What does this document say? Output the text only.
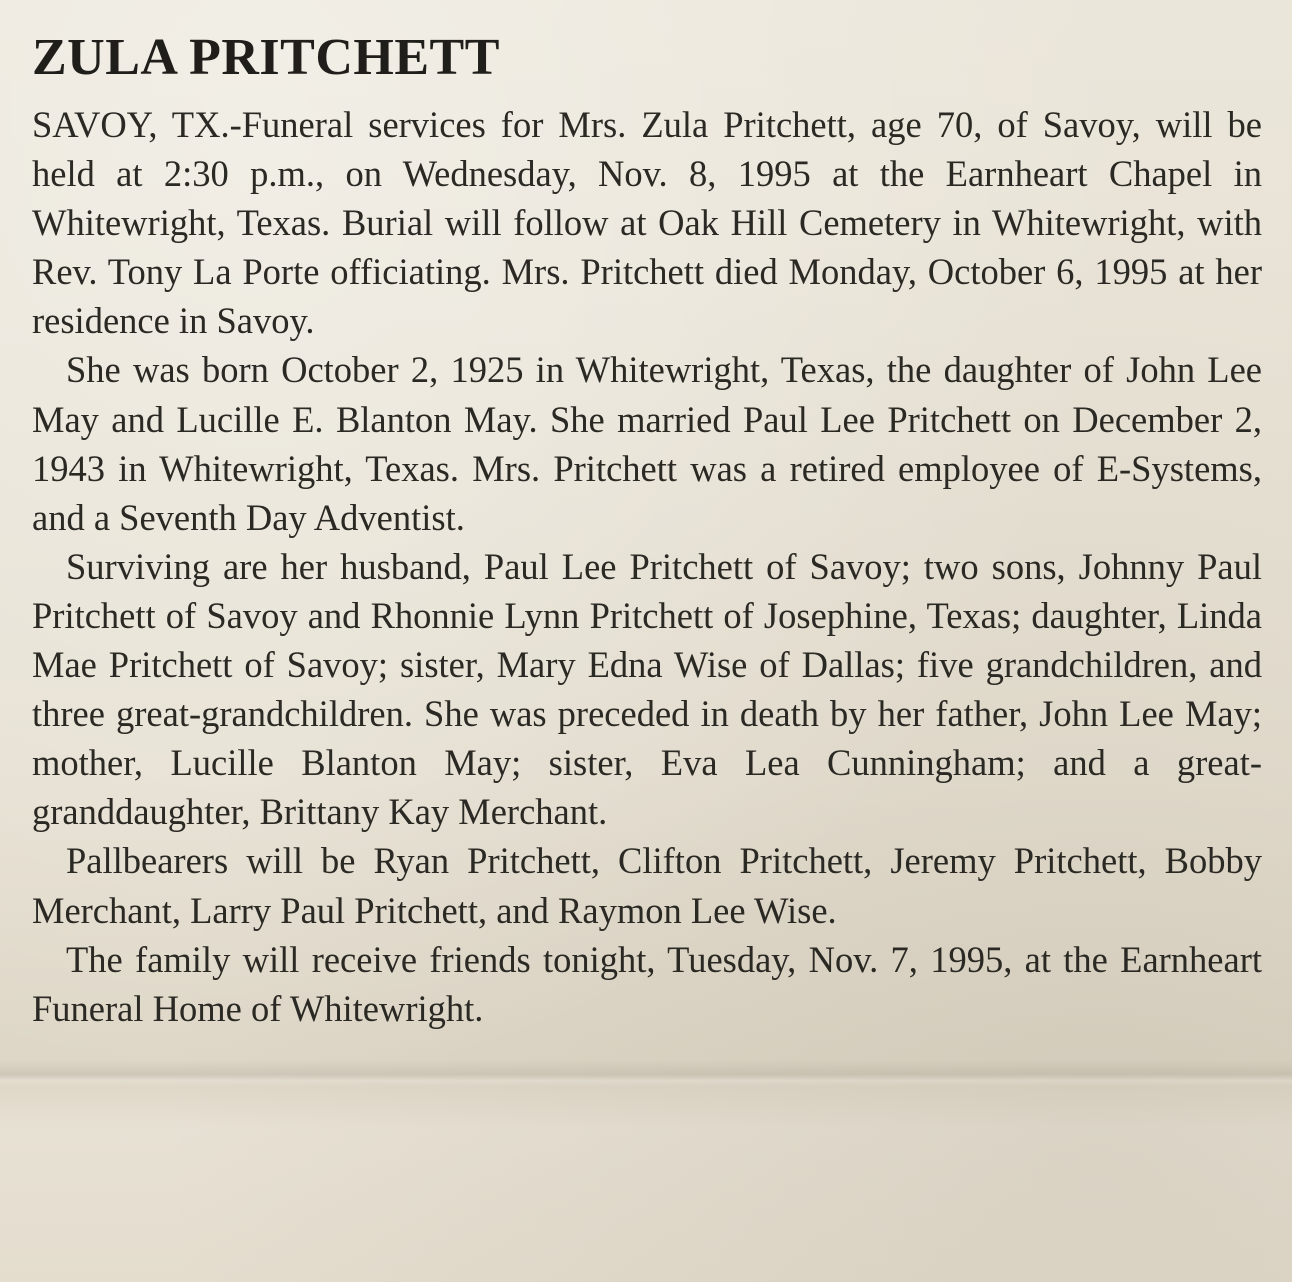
ZULA PRITCHETT

SAVOY, TX.-Funeral services for Mrs. Zula Pritchett, age 70, of Savoy, will be held at 2:30 p.m., on Wednesday, Nov. 8, 1995 at the Earnheart Chapel in Whitewright, Texas. Burial will follow at Oak Hill Cemetery in Whitewright, with Rev. Tony La Porte officiating. Mrs. Pritchett died Monday, October 6, 1995 at her residence in Savoy.

She was born October 2, 1925 in Whitewright, Texas, the daughter of John Lee May and Lucille E. Blanton May. She married Paul Lee Pritchett on December 2, 1943 in Whitewright, Texas. Mrs. Pritchett was a retired employee of E-Systems, and a Seventh Day Adventist.

Surviving are her husband, Paul Lee Pritchett of Savoy; two sons, Johnny Paul Pritchett of Savoy and Rhonnie Lynn Pritchett of Josephine, Texas; daughter, Linda Mae Pritchett of Savoy; sister, Mary Edna Wise of Dallas; five grandchildren, and three great-grandchildren. She was preceded in death by her father, John Lee May; mother, Lucille Blanton May; sister, Eva Lea Cunningham; and a great-granddaughter, Brittany Kay Merchant.

Pallbearers will be Ryan Pritchett, Clifton Pritchett, Jeremy Pritchett, Bobby Merchant, Larry Paul Pritchett, and Raymon Lee Wise.

The family will receive friends tonight, Tuesday, Nov. 7, 1995, at the Earnheart Funeral Home of Whitewright.
